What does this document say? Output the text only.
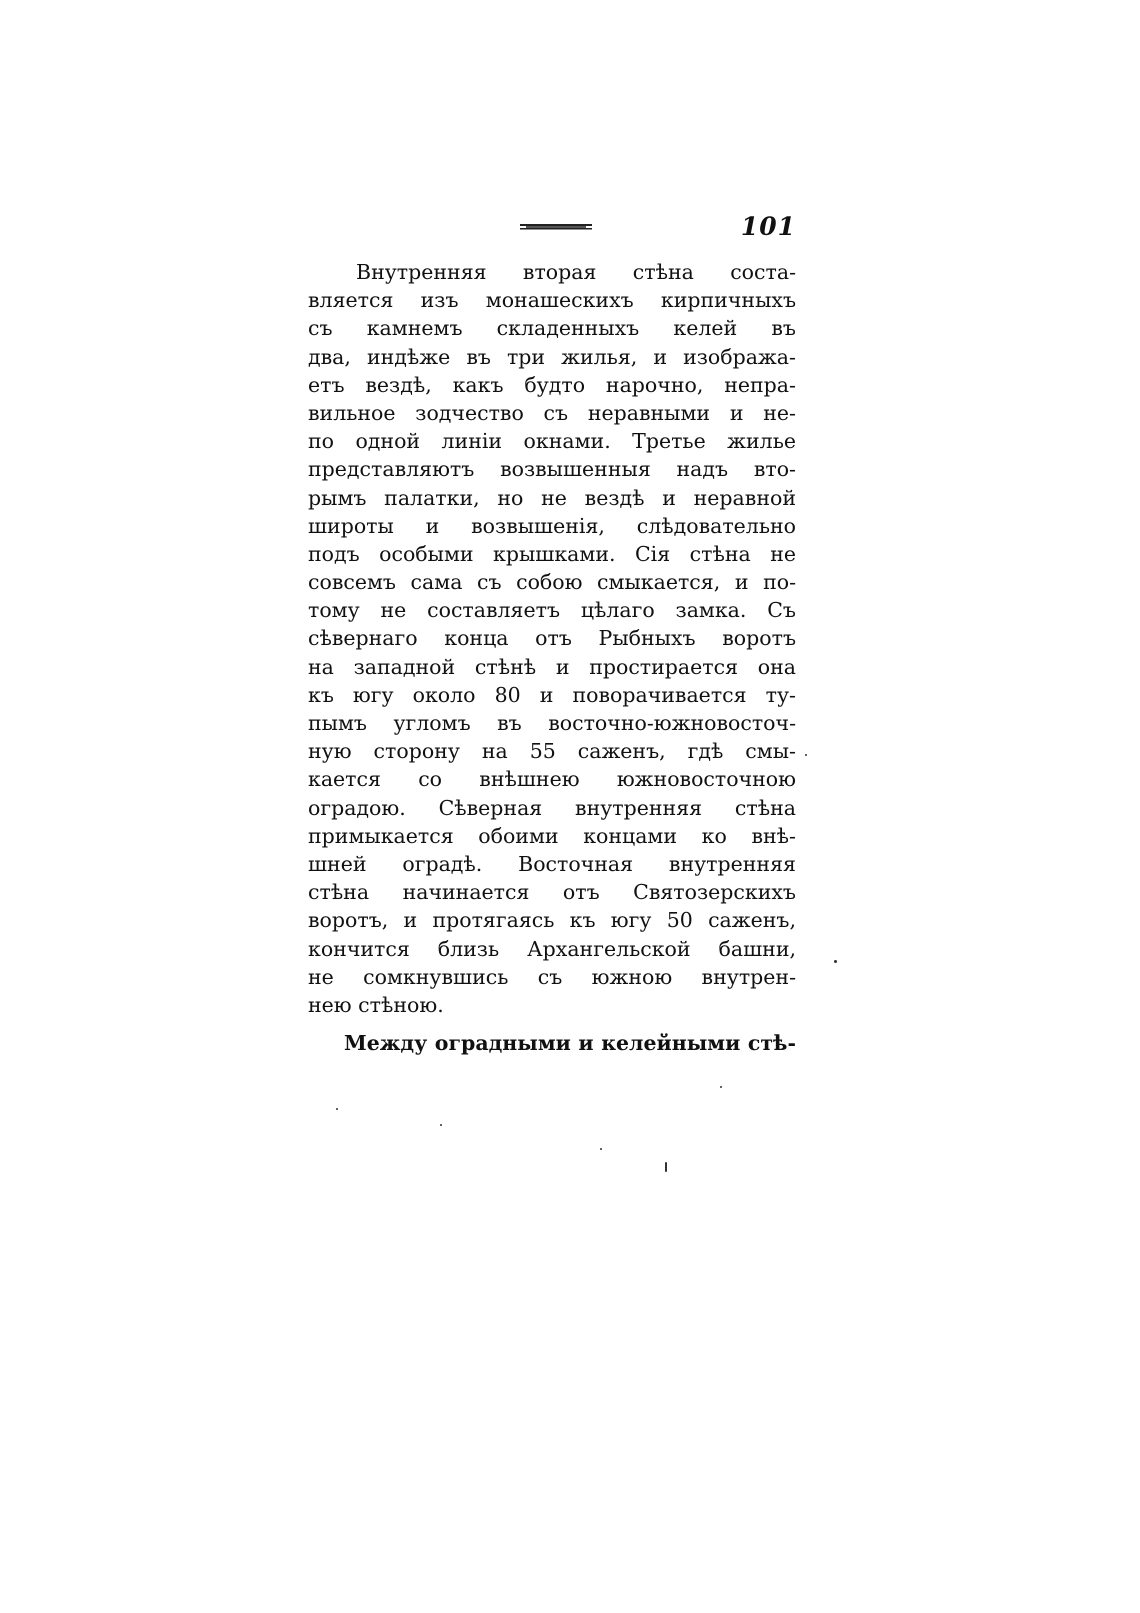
101
Внутренняя вторая стѣна соста-
вляется изъ монашескихъ кирпичныхъ
съ камнемъ складенныхъ келей въ
два, индѣже въ три жилья, и изобража-
етъ вездѣ, какъ будто нарочно, непра-
вильное зодчество съ неравными и не-
по одной линіи окнами. Третье жилье
представляютъ возвышенныя надъ вто-
рымъ палатки, но не вездѣ и неравной
широты и возвышенія, слѣдовательно
подъ особыми крышками. Сія стѣна не
совсемъ сама съ собою смыкается, и по-
тому не составляетъ цѣлаго замка. Съ
сѣвернаго конца отъ Рыбныхъ воротъ
на западной стѣнѣ и простирается она
къ югу около 80 и поворачивается ту-
пымъ угломъ въ восточно-южновосточ-
ную сторону на 55 саженъ, гдѣ смы-
кается со внѣшнею южновосточною
оградою. Сѣверная внутренняя стѣна
примыкается обоими концами ко внѣ-
шней оградѣ. Восточная внутренняя
стѣна начинается отъ Святозерскихъ
воротъ, и протягаясь къ югу 50 саженъ,
кончится близь Архангельской башни,
не сомкнувшись съ южною внутрен-
нею стѣною.
Между оградными и келейными стѣ-
